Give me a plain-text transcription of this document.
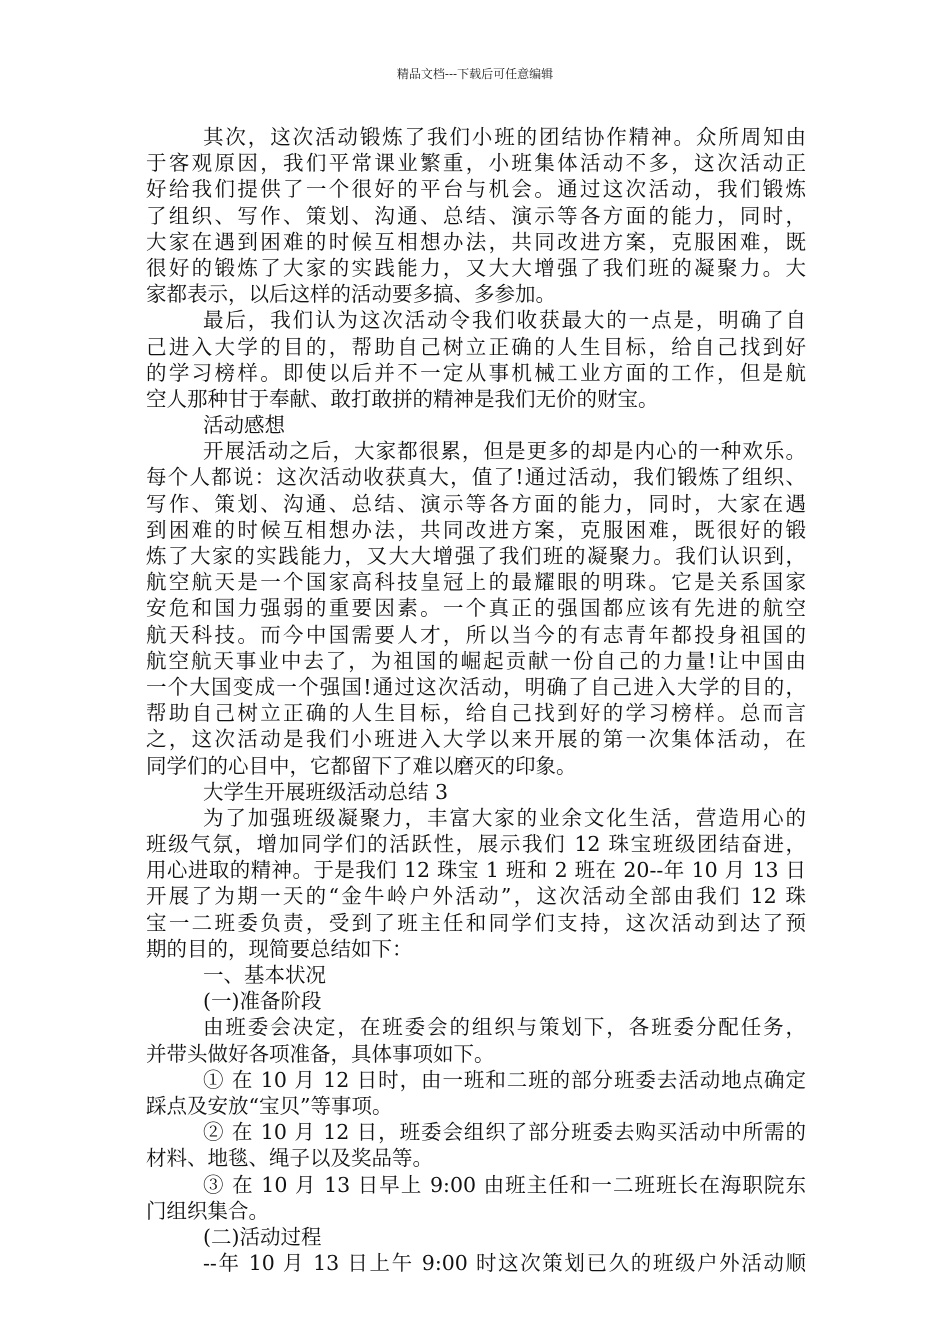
精品文档---下载后可任意编辑
其次，这次活动锻炼了我们小班的团结协作精神。众所周知由
于客观原因，我们平常课业繁重，小班集体活动不多，这次活动正
好给我们提供了一个很好的平台与机会。通过这次活动，我们锻炼
了组织、写作、策划、沟通、总结、演示等各方面的能力，同时，
大家在遇到困难的时候互相想办法，共同改进方案，克服困难，既
很好的锻炼了大家的实践能力，又大大增强了我们班的凝聚力。大
家都表示，以后这样的活动要多搞、多参加。
最后，我们认为这次活动令我们收获最大的一点是，明确了自
己进入大学的目的，帮助自己树立正确的人生目标，给自己找到好
的学习榜样。即使以后并不一定从事机械工业方面的工作，但是航
空人那种甘于奉献、敢打敢拼的精神是我们无价的财宝。
活动感想
开展活动之后，大家都很累，但是更多的却是内心的一种欢乐。
每个人都说：这次活动收获真大，值了!通过活动，我们锻炼了组织、
写作、策划、沟通、总结、演示等各方面的能力，同时，大家在遇
到困难的时候互相想办法，共同改进方案，克服困难，既很好的锻
炼了大家的实践能力，又大大增强了我们班的凝聚力。我们认识到，
航空航天是一个国家高科技皇冠上的最耀眼的明珠。它是关系国家
安危和国力强弱的重要因素。一个真正的强国都应该有先进的航空
航天科技。而今中国需要人才，所以当今的有志青年都投身祖国的
航空航天事业中去了，为祖国的崛起贡献一份自己的力量!让中国由
一个大国变成一个强国!通过这次活动，明确了自己进入大学的目的，
帮助自己树立正确的人生目标，给自己找到好的学习榜样。总而言
之，这次活动是我们小班进入大学以来开展的第一次集体活动，在
同学们的心目中，它都留下了难以磨灭的印象。
大学生开展班级活动总结 3
为了加强班级凝聚力，丰富大家的业余文化生活，营造用心的
班级气氛，增加同学们的活跃性，展示我们 12 珠宝班级团结奋进，
用心进取的精神。于是我们 12 珠宝 1 班和 2 班在 20--年 10 月 13 日
开展了为期一天的“金牛岭户外活动”，这次活动全部由我们 12 珠
宝一二班委负责，受到了班主任和同学们支持，这次活动到达了预
期的目的，现简要总结如下：
一、基本状况
(一)准备阶段
由班委会决定，在班委会的组织与策划下，各班委分配任务，
并带头做好各项准备，具体事项如下。
① 在 10 月 12 日时，由一班和二班的部分班委去活动地点确定
踩点及安放“宝贝”等事项。
② 在 10 月 12 日，班委会组织了部分班委去购买活动中所需的
材料、地毯、绳子以及奖品等。
③ 在 10 月 13 日早上 9:00 由班主任和一二班班长在海职院东
门组织集合。
(二)活动过程
--年 10 月 13 日上午 9:00 时这次策划已久的班级户外活动顺
